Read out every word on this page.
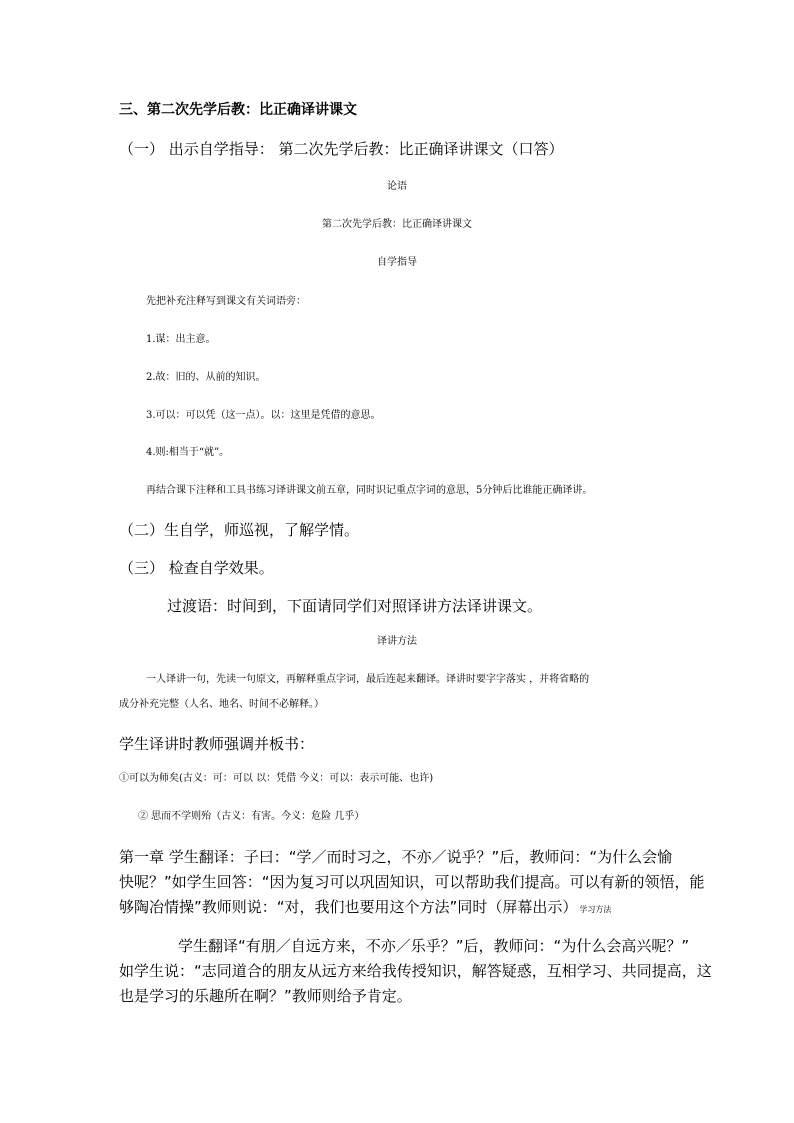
三、第二次先学后教：比正确译讲课文
（一） 出示自学指导： 第二次先学后教：比正确译讲课文（口答）
论语
第二次先学后教：比正确译讲课文
自学指导
先把补充注释写到课文有关词语旁：
1.谋：出主意。
2.故：旧的、从前的知识。
3.可以：可以凭（这一点）。以：这里是凭借的意思。
4.则:相当于“就”。
再结合课下注释和工具书练习译讲课文前五章，同时识记重点字词的意思，5分钟后比谁能正确译讲。
（二）生自学，师巡视，了解学情。
（三） 检查自学效果。
过渡语：时间到，下面请同学们对照译讲方法译讲课文。
译讲方法
一人译讲一句，先读一句原文，再解释重点字词，最后连起来翻译。译讲时要字字落实 ，并将省略的
成分补充完整（人名、地名、时间不必解释。）
学生译讲时教师强调并板书：
①可以为师矣(古义：可：可以 以：凭借 今义：可以：表示可能、也许)
② 思而不学则殆（古义：有害。今义：危险 几乎）
第一章 学生翻译：子曰：“学／而时习之，不亦／说乎？”后，教师问：“为什么会愉
快呢？”如学生回答：“因为复习可以巩固知识，可以帮助我们提高。可以有新的领悟，能
够陶冶情操”教师则说：“对，我们也要用这个方法”同时（屏幕出示） 学习方法
学生翻译“有朋／自远方来，不亦／乐乎？”后，教师问：“为什么会高兴呢？”
如学生说：“志同道合的朋友从远方来给我传授知识，解答疑惑，互相学习、共同提高，这
也是学习的乐趣所在啊？”教师则给予肯定。
